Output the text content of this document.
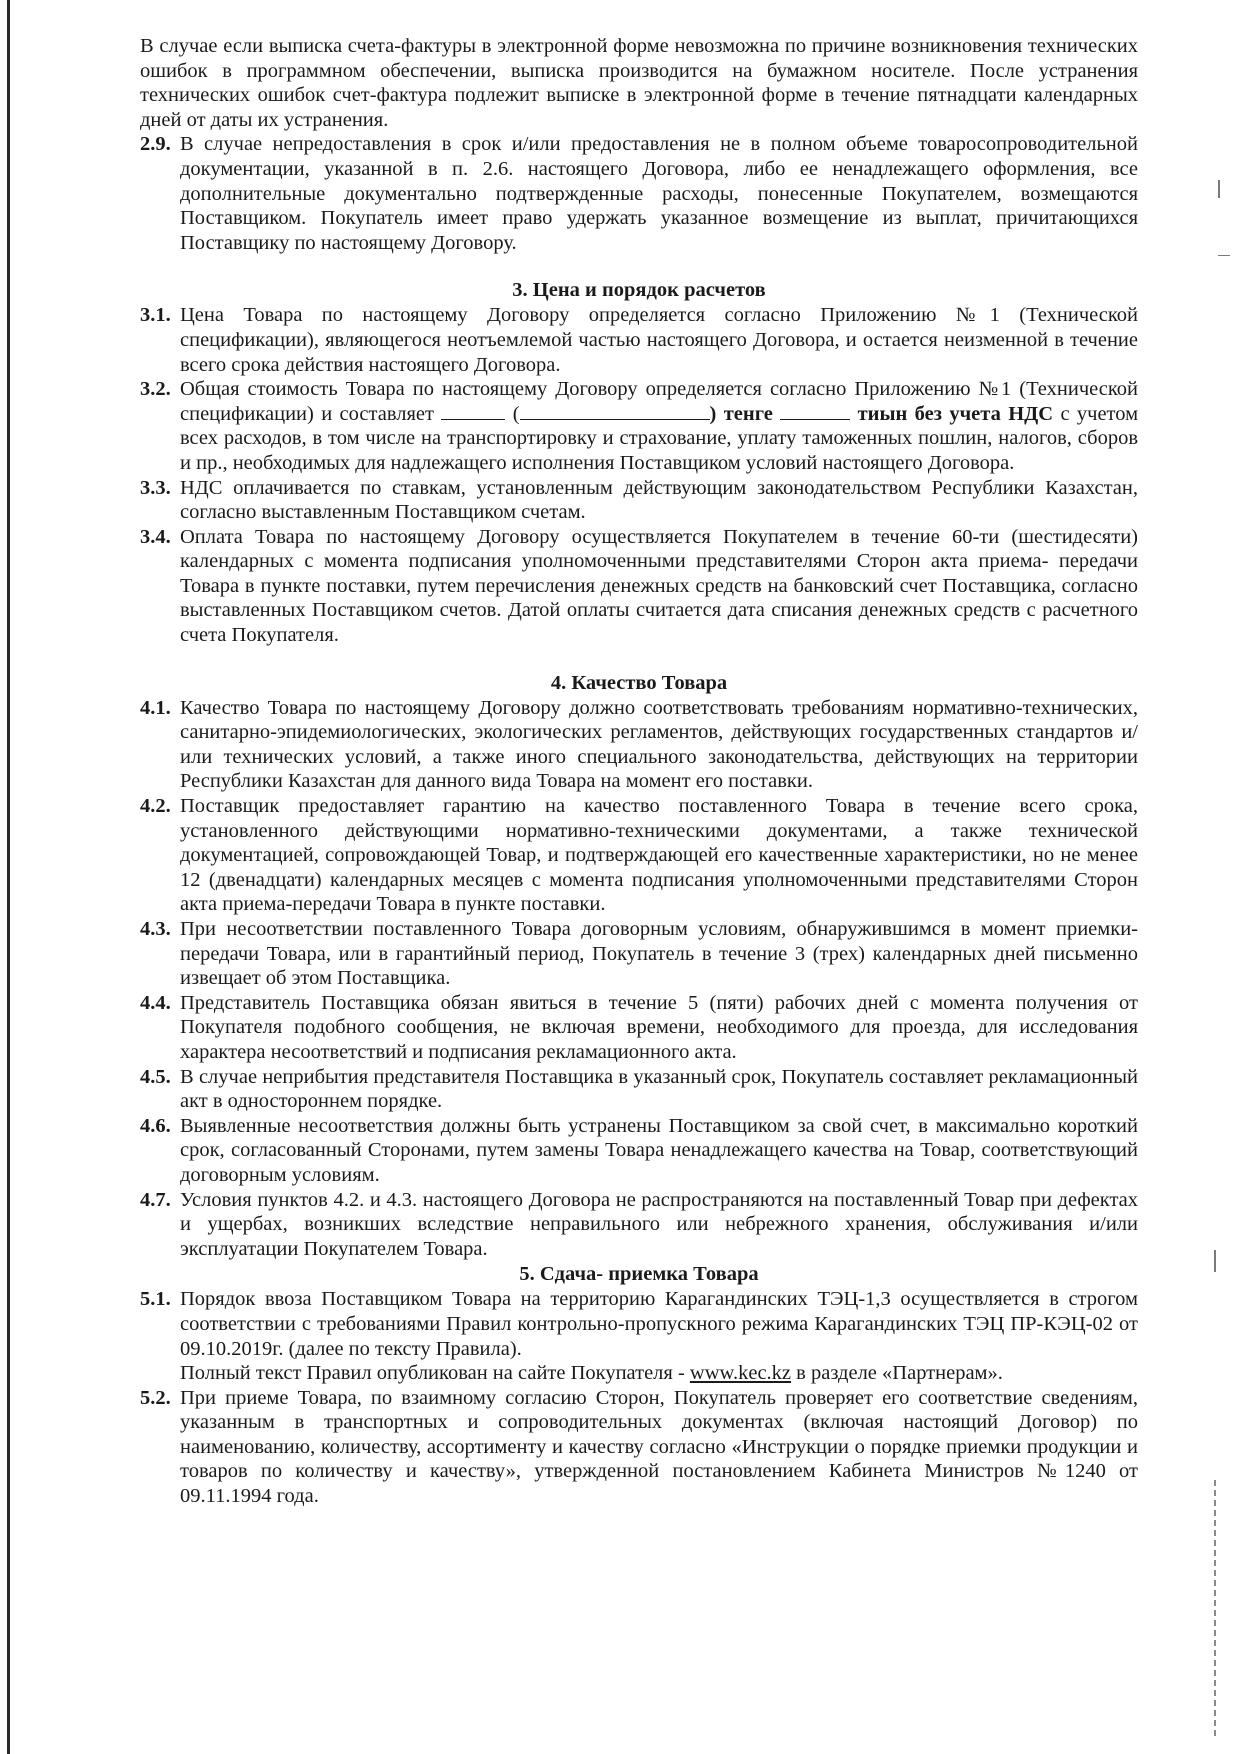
В случае если выписка счета-фактуры в электронной форме невозможна по причине возникновения технических ошибок в программном обеспечении, выписка производится на бумажном носителе. После устранения технических ошибок счет-фактура подлежит выписке в электронной форме в течение пятнадцати календарных дней от даты их устранения.

2.9. В случае непредоставления в срок и/или предоставления не в полном объеме товаросопроводительной документации, указанной в п. 2.6. настоящего Договора, либо ее ненадлежащего оформления, все дополнительные документально подтвержденные расходы, понесенные Покупателем, возмещаются Поставщиком. Покупатель имеет право удержать указанное возмещение из выплат, причитающихся Поставщику по настоящему Договору.
3. Цена и порядок расчетов
3.1. Цена Товара по настоящему Договору определяется согласно Приложению №1 (Технической спецификации), являющегося неотъемлемой частью настоящего Договора, и остается неизменной в течение всего срока действия настоящего Договора.
3.2. Общая стоимость Товара по настоящему Договору определяется согласно Приложению №1 (Технической спецификации) и составляет	(	) тенге	тиын без учета НДС с учетом всех расходов, в том числе на транспортировку и страхование, уплату таможенных пошлин, налогов, сборов и пр., необходимых для надлежащего исполнения Поставщиком условий настоящего Договора.
3.3. НДС оплачивается по ставкам, установленным действующим законодательством Республики Казахстан, согласно выставленным Поставщиком счетам.
3.4. Оплата Товара по настоящему Договору осуществляется Покупателем в течение 60-ти (шестидесяти) календарных с момента подписания уполномоченными представителями Сторон акта приема- передачи Товара в пункте поставки, путем перечисления денежных средств на банковский счет Поставщика, согласно выставленных Поставщиком счетов. Датой оплаты считается дата списания денежных средств с расчетного счета Покупателя.
4. Качество Товара
4.1. Качество Товара по настоящему Договору должно соответствовать требованиям нормативно-технических, санитарно-эпидемиологических, экологических регламентов, действующих государственных стандартов и/или технических условий, а также иного специального законодательства, действующих на территории Республики Казахстан для данного вида Товара на момент его поставки.
4.2. Поставщик предоставляет гарантию на качество поставленного Товара в течение всего срока, установленного действующими нормативно-техническими документами, а также технической документацией, сопровождающей Товар, и подтверждающей его качественные характеристики, но не менее 12 (двенадцати) календарных месяцев с момента подписания уполномоченными представителями Сторон акта приема-передачи Товара в пункте поставки.
4.3. При несоответствии поставленного Товара договорным условиям, обнаружившимся в момент приемки-передачи Товара, или в гарантийный период, Покупатель в течение 3 (трех) календарных дней письменно извещает об этом Поставщика.
4.4. Представитель Поставщика обязан явиться в течение 5 (пяти) рабочих дней с момента получения от Покупателя подобного сообщения, не включая времени, необходимого для проезда, для исследования характера несоответствий и подписания рекламационного акта.
4.5. В случае неприбытия представителя Поставщика в указанный срок, Покупатель составляет рекламационный акт в одностороннем порядке.
4.6. Выявленные несоответствия должны быть устранены Поставщиком за свой счет, в максимально короткий срок, согласованный Сторонами, путем замены Товара ненадлежащего качества на Товар, соответствующий договорным условиям.
4.7. Условия пунктов 4.2. и 4.3. настоящего Договора не распространяются на поставленный Товар при дефектах и ущербах, возникших вследствие неправильного или небрежного хранения, обслуживания и/или эксплуатации Покупателем Товара.
5. Сдача- приемка Товара
5.1. Порядок ввоза Поставщиком Товара на территорию Карагандинских ТЭЦ-1,3 осуществляется в строгом соответствии с требованиями Правил контрольно-пропускного режима Карагандинских ТЭЦ ПР-КЭЦ-02 от 09.10.2019г. (далее по тексту Правила).

Полный текст Правил опубликован на сайте Покупателя - www.kec.kz в разделе «Партнерам».

5.2. При приеме Товара, по взаимному согласию Сторон, Покупатель проверяет его соответствие сведениям, указанным в транспортных и сопроводительных документах (включая настоящий Договор) по наименованию, количеству, ассортименту и качеству согласно «Инструкции о порядке приемки продукции и товаров по количеству и качеству», утвержденной постановлением Кабинета Министров №1240 от 09.11.1994 года.
